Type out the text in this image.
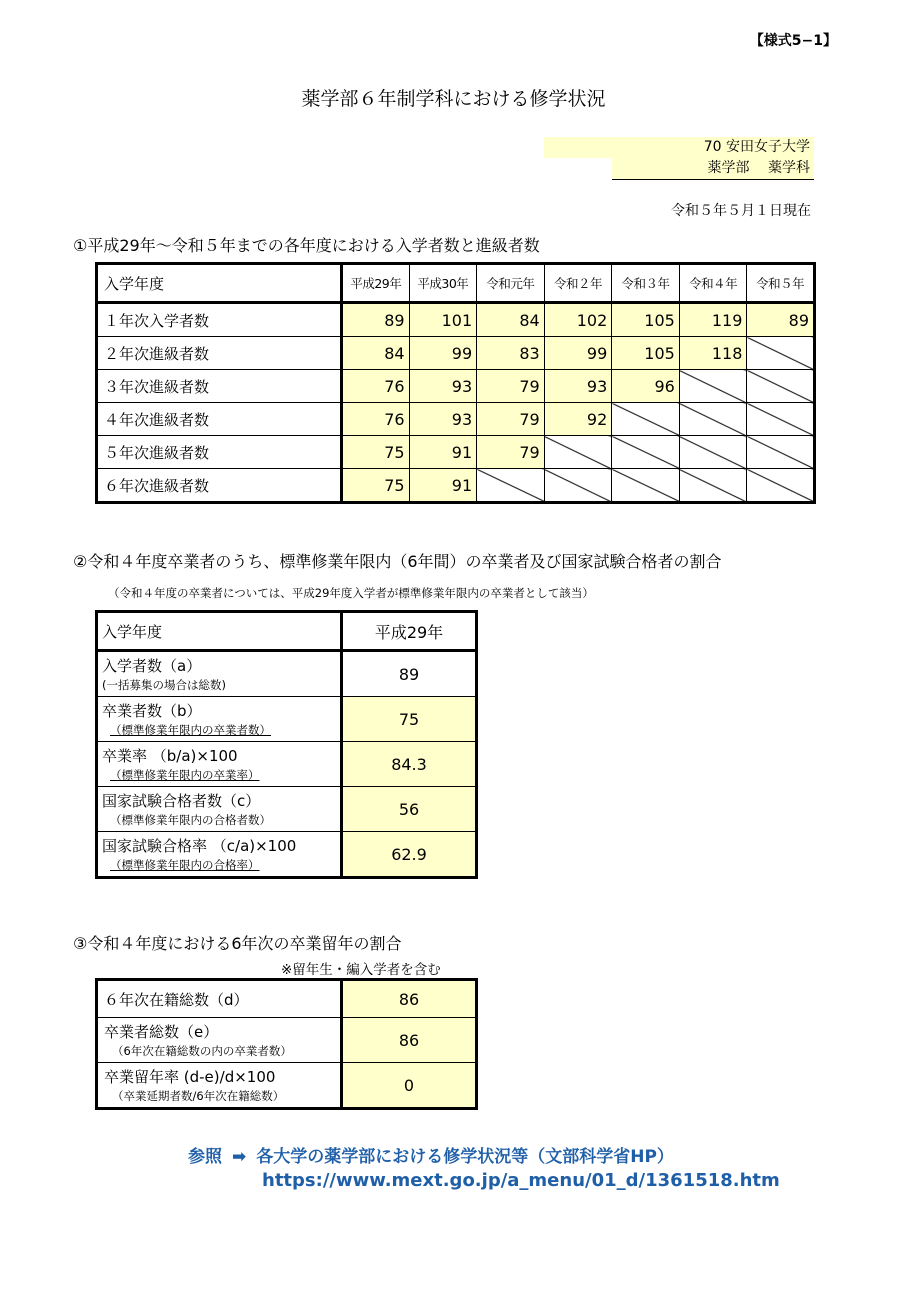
【様式5−1】
薬学部６年制学科における修学状況
70 安田女子大学
薬学部　 薬学科
令和５年５月１日現在
①平成29年～令和５年までの各年度における入学者数と進級者数
入学年度	平成29年	平成30年	令和元年	令和２年	令和３年	令和４年	令和５年
１年次入学者数	89	101	84	102	105	119	89
２年次進級者数	84	99	83	99	105	118	
３年次進級者数	76	93	79	93	96		
４年次進級者数	76	93	79	92			
５年次進級者数	75	91	79				
６年次進級者数	75	91					
②令和４年度卒業者のうち、標準修業年限内（6年間）の卒業者及び国家試験合格者の割合
（令和４年度の卒業者については、平成29年度入学者が標準修業年限内の卒業者として該当）
入学年度	平成29年
入学者数（a）
(一括募集の場合は総数)	89
卒業者数（b）
（標準修業年限内の卒業者数）	75
卒業率 （b/a)×100
（標準修業年限内の卒業率）	84.3
国家試験合格者数（c）
（標準修業年限内の合格者数）	56
国家試験合格率 （c/a)×100
（標準修業年限内の合格率）	62.9
③令和４年度における6年次の卒業留年の割合
※留年生・編入学者を含む
６年次在籍総数（d）	86
卒業者総数（e）
（6年次在籍総数の内の卒業者数）	86
卒業留年率 (d-e)/d×100
（卒業延期者数/6年次在籍総数）	0
参照 ➡ 各大学の薬学部における修学状況等（文部科学省HP）
https://www.mext.go.jp/a_menu/01_d/1361518.htm
